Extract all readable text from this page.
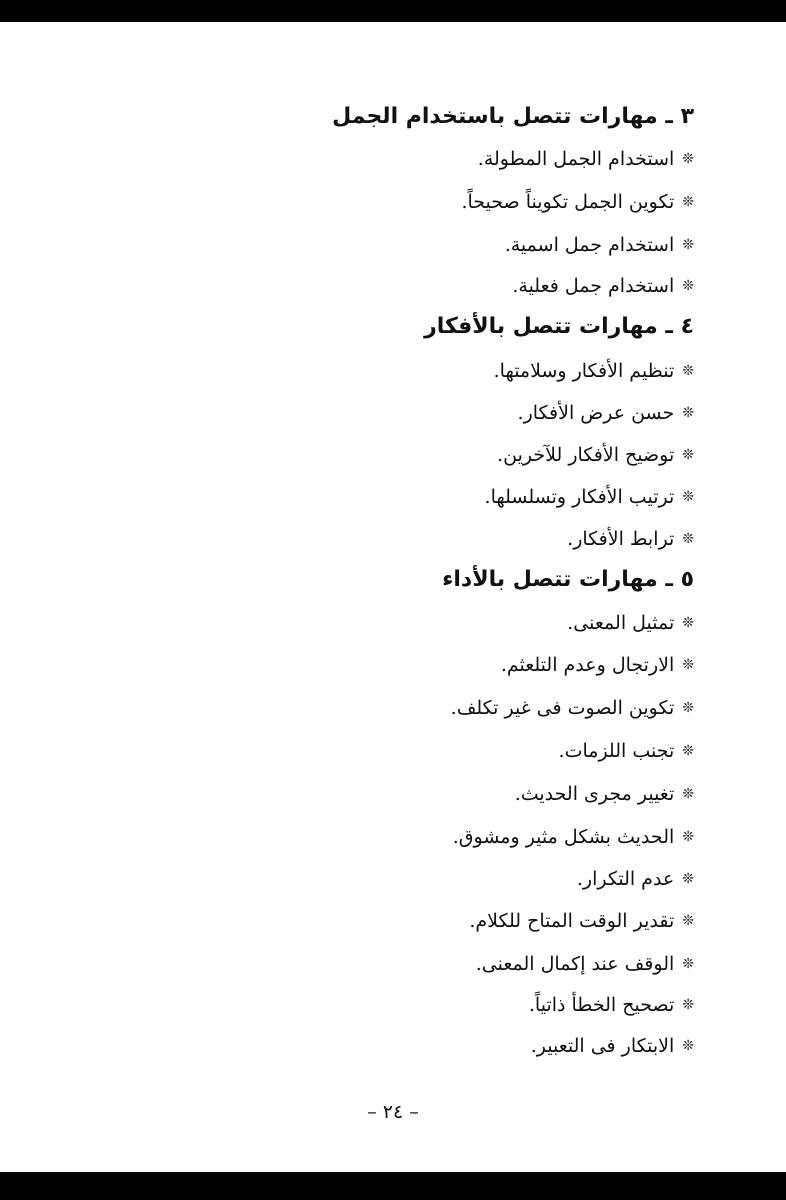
٣ ـ مهارات تتصل باستخدام الجمل
❊استخدام الجمل المطولة.
❊تكوين الجمل تكويناً صحيحاً.
❊استخدام جمل اسمية.
❊استخدام جمل فعلية.
٤ ـ مهارات تتصل بالأفكار
❊تنظيم الأفكار وسلامتها.
❊حسن عرض الأفكار.
❊توضيح الأفكار للآخرين.
❊ترتيب الأفكار وتسلسلها.
❊ترابط الأفكار.
٥ ـ مهارات تتصل بالأداء
❊تمثيل المعنى.
❊الارتجال وعدم التلعثم.
❊تكوين الصوت فى غير تكلف.
❊تجنب اللزمات.
❊تغيير مجرى الحديث.
❊الحديث بشكل مثير ومشوق.
❊عدم التكرار.
❊تقدير الوقت المتاح للكلام.
❊الوقف عند إكمال المعنى.
❊تصحيح الخطأ ذاتياً.
❊الابتكار فى التعبير.
– ٢٤ –
